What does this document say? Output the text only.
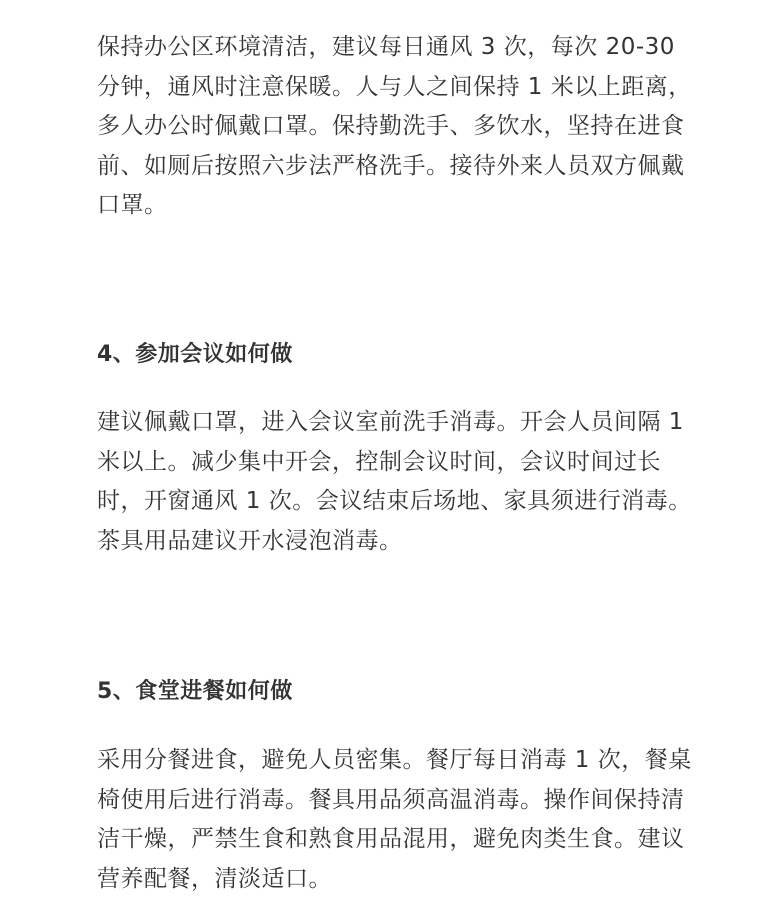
保持办公区环境清洁，建议每日通风 3 次，每次 20-30 分钟，通风时注意保暖。人与人之间保持 1 米以上距离，多人办公时佩戴口罩。保持勤洗手、多饮水，坚持在进食前、如厕后按照六步法严格洗手。接待外来人员双方佩戴口罩。

4、参加会议如何做

建议佩戴口罩，进入会议室前洗手消毒。开会人员间隔 1 米以上。减少集中开会，控制会议时间，会议时间过长时，开窗通风 1 次。会议结束后场地、家具须进行消毒。茶具用品建议开水浸泡消毒。

5、食堂进餐如何做

采用分餐进食，避免人员密集。餐厅每日消毒 1 次，餐桌椅使用后进行消毒。餐具用品须高温消毒。操作间保持清洁干燥，严禁生食和熟食用品混用，避免肉类生食。建议营养配餐，清淡适口。
